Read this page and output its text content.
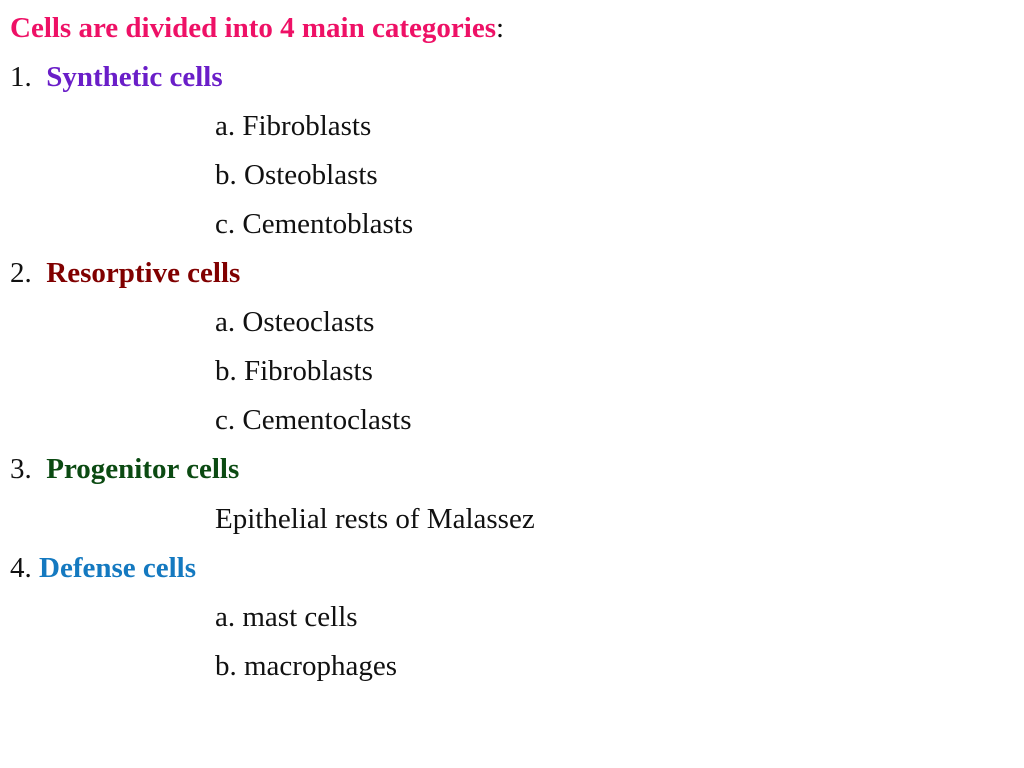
Cells are divided into 4 main categories:
1. Synthetic cells
a. Fibroblasts
b. Osteoblasts
c. Cementoblasts
2. Resorptive cells
a. Osteoclasts
b. Fibroblasts
c. Cementoclasts
3. Progenitor cells
Epithelial rests of Malassez
4. Defense cells
a. mast cells
b. macrophages
